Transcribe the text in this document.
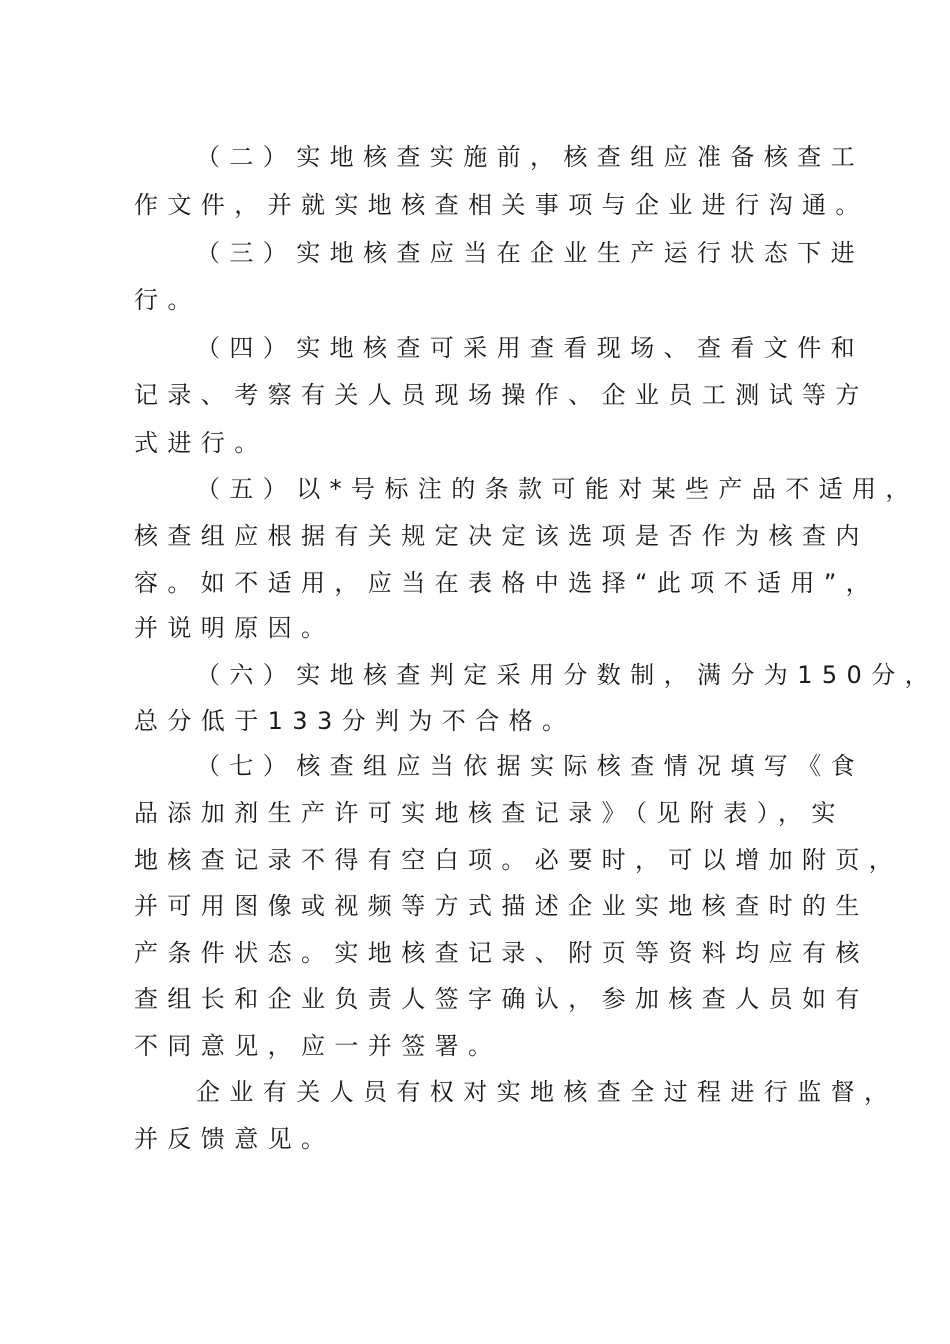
（二）实地核查实施前，核查组应准备核查工
作文件，并就实地核查相关事项与企业进行沟通。
（三）实地核查应当在企业生产运行状态下进
行。
（四）实地核查可采用查看现场、查看文件和
记录、考察有关人员现场操作、企业员工测试等方
式进行。
（五）以*号标注的条款可能对某些产品不适用，
核查组应根据有关规定决定该选项是否作为核查内
容。如不适用，应当在表格中选择“此项不适用”，
并说明原因。
（六）实地核查判定采用分数制，满分为150分，
总分低于133分判为不合格。
（七）核查组应当依据实际核查情况填写《食
品添加剂生产许可实地核查记录》（见附表），实
地核查记录不得有空白项。必要时，可以增加附页，
并可用图像或视频等方式描述企业实地核查时的生
产条件状态。实地核查记录、附页等资料均应有核
查组长和企业负责人签字确认，参加核查人员如有
不同意见，应一并签署。
企业有关人员有权对实地核查全过程进行监督，
并反馈意见。
